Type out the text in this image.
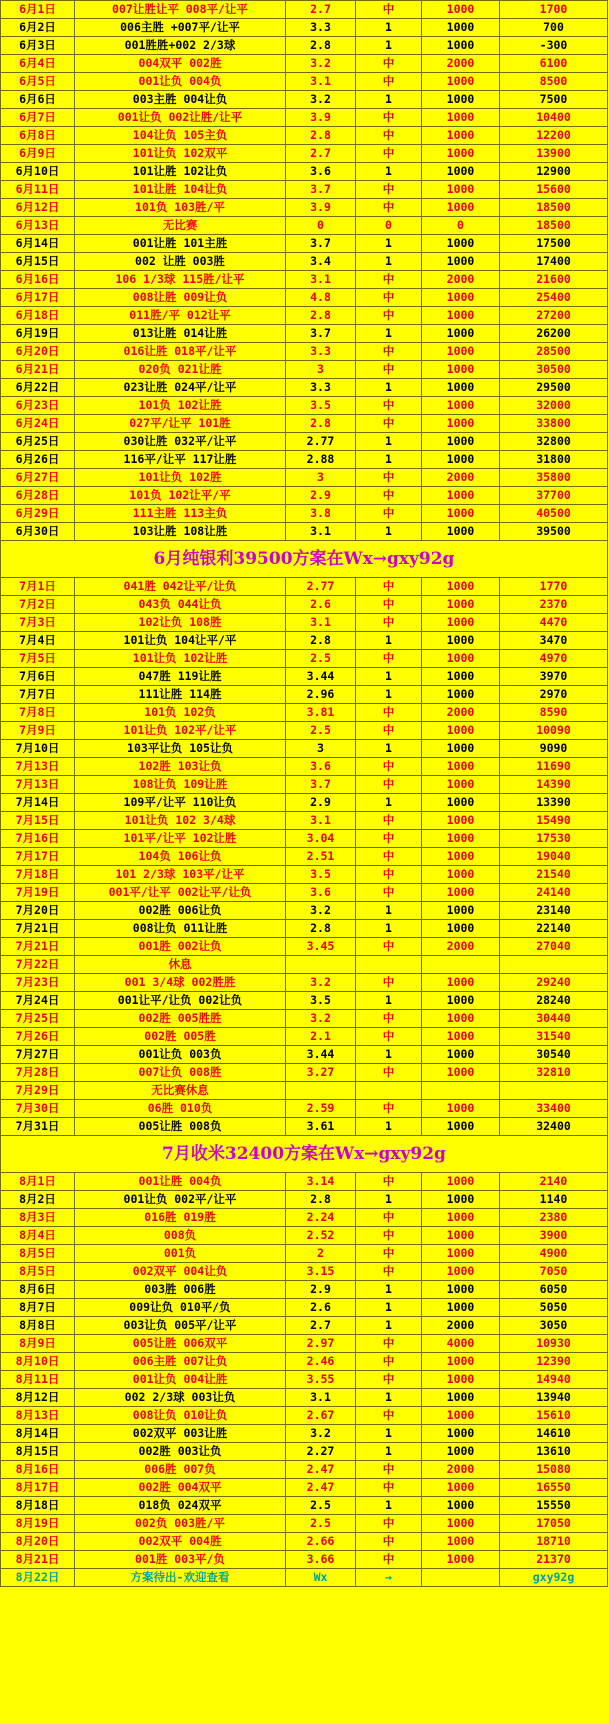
6月1日	007让胜让平 008平/让平	2.7	中	1000	1700
6月2日	006主胜 +007平/让平	3.3	1	1000	700
6月3日	001胜胜+002 2/3球	2.8	1	1000	-300
6月4日	004双平 002胜	3.2	中	2000	6100
6月5日	001让负 004负	3.1	中	1000	8500
6月6日	003主胜 004让负	3.2	1	1000	7500
6月7日	001让负 002让胜/让平	3.9	中	1000	10400
6月8日	104让负 105主负	2.8	中	1000	12200
6月9日	101让负 102双平	2.7	中	1000	13900
6月10日	101让胜 102让负	3.6	1	1000	12900
6月11日	101让胜 104让负	3.7	中	1000	15600
6月12日	101负 103胜/平	3.9	中	1000	18500
6月13日	无比赛	0	0	0	18500
6月14日	001让胜 101主胜	3.7	1	1000	17500
6月15日	002 让胜 003胜	3.4	1	1000	17400
6月16日	106 1/3球 115胜/让平	3.1	中	2000	21600
6月17日	008让胜 009让负	4.8	中	1000	25400
6月18日	011胜/平 012让平	2.8	中	1000	27200
6月19日	013让胜 014让胜	3.7	1	1000	26200
6月20日	016让胜 018平/让平	3.3	中	1000	28500
6月21日	020负 021让胜	3	中	1000	30500
6月22日	023让胜 024平/让平	3.3	1	1000	29500
6月23日	101负 102让胜	3.5	中	1000	32000
6月24日	027平/让平 101胜	2.8	中	1000	33800
6月25日	030让胜 032平/让平	2.77	1	1000	32800
6月26日	116平/让平 117让胜	2.88	1	1000	31800
6月27日	101让负 102胜	3	中	2000	35800
6月28日	101负 102让平/平	2.9	中	1000	37700
6月29日	111主胜 113主负	3.8	中	1000	40500
6月30日	103让胜 108让胜	3.1	1	1000	39500
6月纯银利39500方案在Wx→gxy92g					
7月1日	041胜 042让平/让负	2.77	中	1000	1770
7月2日	043负 044让负	2.6	中	1000	2370
7月3日	102让负 108胜	3.1	中	1000	4470
7月4日	101让负 104让平/平	2.8	1	1000	3470
7月5日	101让负 102让胜	2.5	中	1000	4970
7月6日	047胜 119让胜	3.44	1	1000	3970
7月7日	111让胜 114胜	2.96	1	1000	2970
7月8日	101负 102负	3.81	中	2000	8590
7月9日	101让负 102平/让平	2.5	中	1000	10090
7月10日	103平让负 105让负	3	1	1000	9090
7月13日	102胜 103让负	3.6	中	1000	11690
7月13日	108让负 109让胜	3.7	中	1000	14390
7月14日	109平/让平 110让负	2.9	1	1000	13390
7月15日	101让负 102 3/4球	3.1	中	1000	15490
7月16日	101平/让平 102让胜	3.04	中	1000	17530
7月17日	104负 106让负	2.51	中	1000	19040
7月18日	101 2/3球 103平/让平	3.5	中	1000	21540
7月19日	001平/让平 002让平/让负	3.6	中	1000	24140
7月20日	002胜 006让负	3.2	1	1000	23140
7月21日	008让负 011让胜	2.8	1	1000	22140
7月21日	001胜 002让负	3.45	中	2000	27040
7月22日	休息				
7月23日	001 3/4球 002胜胜	3.2	中	1000	29240
7月24日	001让平/让负 002让负	3.5	1	1000	28240
7月25日	002胜 005胜胜	3.2	中	1000	30440
7月26日	002胜 005胜	2.1	中	1000	31540
7月27日	001让负 003负	3.44	1	1000	30540
7月28日	007让负 008胜	3.27	中	1000	32810
7月29日	无比赛休息				
7月30日	06胜 010负	2.59	中	1000	33400
7月31日	005让胜 008负	3.61	1	1000	32400
7月收米32400方案在Wx→gxy92g					
8月1日	001让胜 004负	3.14	中	1000	2140
8月2日	001让负 002平/让平	2.8	1	1000	1140
8月3日	016胜 019胜	2.24	中	1000	2380
8月4日	008负	2.52	中	1000	3900
8月5日	001负	2	中	1000	4900
8月5日	002双平 004让负	3.15	中	1000	7050
8月6日	003胜 006胜	2.9	1	1000	6050
8月7日	009让负 010平/负	2.6	1	1000	5050
8月8日	003让负 005平/让平	2.7	1	2000	3050
8月9日	005让胜 006双平	2.97	中	4000	10930
8月10日	006主胜 007让负	2.46	中	1000	12390
8月11日	001让负 004让胜	3.55	中	1000	14940
8月12日	002 2/3球 003让负	3.1	1	1000	13940
8月13日	008让负 010让负	2.67	中	1000	15610
8月14日	002双平 003让胜	3.2	1	1000	14610
8月15日	002胜 003让负	2.27	1	1000	13610
8月16日	006胜 007负	2.47	中	2000	15080
8月17日	002胜 004双平	2.47	中	1000	16550
8月18日	018负 024双平	2.5	1	1000	15550
8月19日	002负 003胜/平	2.5	中	1000	17050
8月20日	002双平 004胜	2.66	中	1000	18710
8月21日	001胜 003平/负	3.66	中	1000	21370
8月22日	方案待出-欢迎查看	Wx	→		gxy92g
